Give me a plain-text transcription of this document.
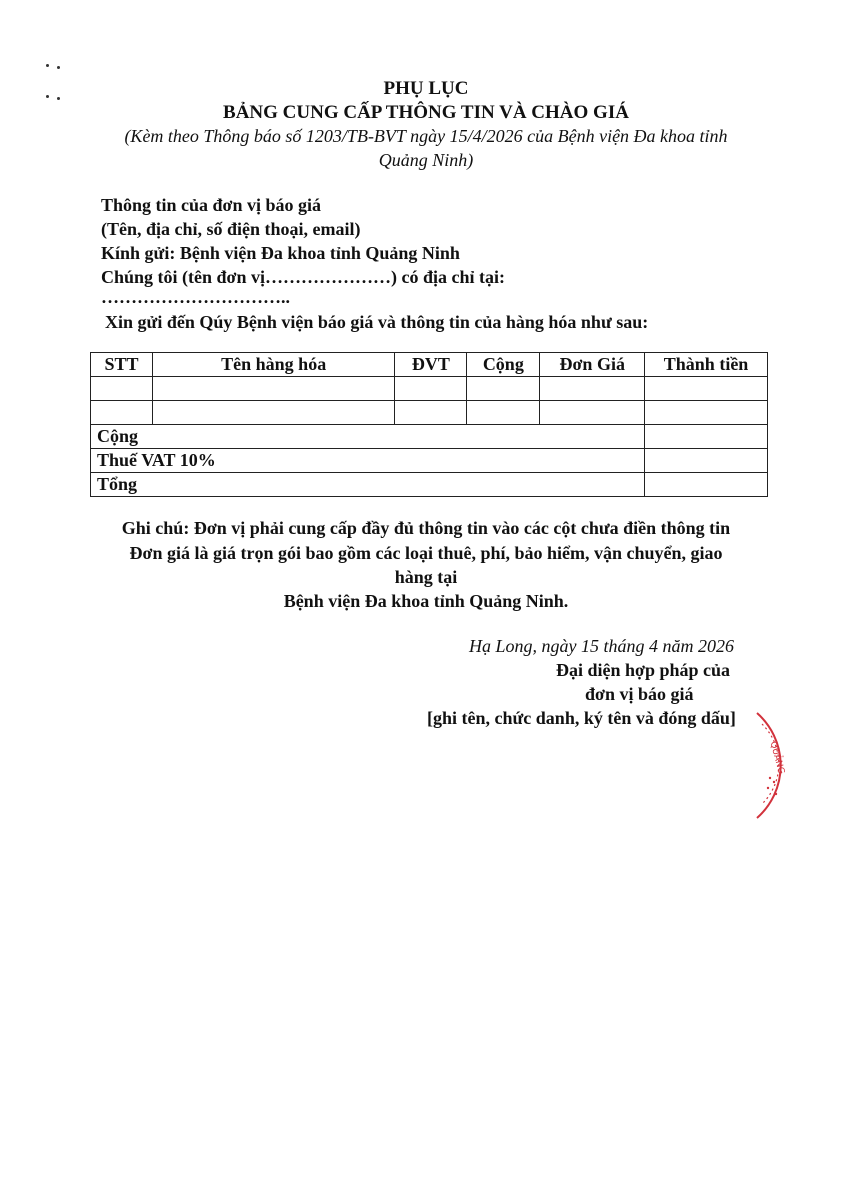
PHỤ LỤC
BẢNG CUNG CẤP THÔNG TIN VÀ CHÀO GIÁ
(Kèm theo Thông báo số 1203/TB-BVT ngày 15/4/2026 của Bệnh viện Đa khoa tỉnh
Quảng Ninh)
Thông tin của đơn vị báo giá
(Tên, địa chỉ, số điện thoại, email)
Kính gửi: Bệnh viện Đa khoa tỉnh Quảng Ninh
Chúng tôi (tên đơn vị…………………) có địa chỉ tại:
…………………………..
Xin gửi đến Qúy Bệnh viện báo giá và thông tin của hàng hóa như sau:
STT	Tên hàng hóa	ĐVT	Cộng	Đơn Giá	Thành tiền

Cộng					
Thuế VAT 10%					
Tổng					
Ghi chú: Đơn vị phải cung cấp đầy đủ thông tin vào các cột chưa điền thông tin
Đơn giá là giá trọn gói bao gồm các loại thuê, phí, bảo hiểm, vận chuyển, giao
hàng tại
Bệnh viện Đa khoa tỉnh Quảng Ninh.
Hạ Long, ngày 15 tháng 4 năm 2026
Đại diện hợp pháp của
đơn vị báo giá
[ghi tên, chức danh, ký tên và đóng dấu]
QUẢNG
